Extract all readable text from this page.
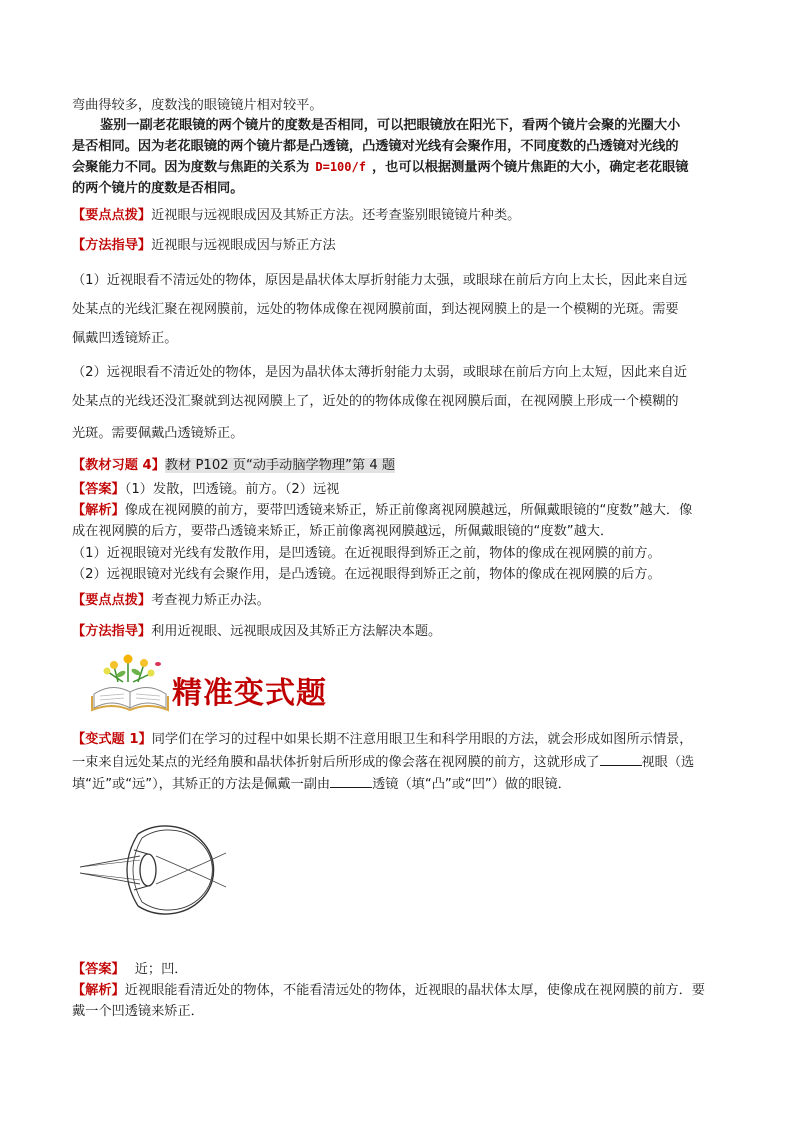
弯曲得较多，度数浅的眼镜镜片相对较平。
鉴别一副老花眼镜的两个镜片的度数是否相同，可以把眼镜放在阳光下，看两个镜片会聚的光圈大小
是否相同。因为老花眼镜的两个镜片都是凸透镜，凸透镜对光线有会聚作用，不同度数的凸透镜对光线的
会聚能力不同。因为度数与焦距的关系为 D=100/f ，也可以根据测量两个镜片焦距的大小，确定老花眼镜
的两个镜片的度数是否相同。
【要点点拨】近视眼与远视眼成因及其矫正方法。还考查鉴别眼镜镜片种类。
【方法指导】近视眼与远视眼成因与矫正方法
（1）近视眼看不清远处的物体，原因是晶状体太厚折射能力太强，或眼球在前后方向上太长，因此来自远
处某点的光线汇聚在视网膜前，远处的物体成像在视网膜前面，到达视网膜上的是一个模糊的光斑。需要
佩戴凹透镜矫正。
（2）远视眼看不清近处的物体，是因为晶状体太薄折射能力太弱，或眼球在前后方向上太短，因此来自近
处某点的光线还没汇聚就到达视网膜上了，近处的的物体成像在视网膜后面，在视网膜上形成一个模糊的
光斑。需要佩戴凸透镜矫正。
【教材习题 4】教材 P102 页“动手动脑学物理”第 4 题
【答案】（1）发散，凹透镜。前方。（2）远视
【解析】像成在视网膜的前方，要带凹透镜来矫正，矫正前像离视网膜越远，所佩戴眼镜的“度数”越大．像
成在视网膜的后方，要带凸透镜来矫正，矫正前像离视网膜越远，所佩戴眼镜的“度数”越大．
（1）近视眼镜对光线有发散作用，是凹透镜。在近视眼得到矫正之前，物体的像成在视网膜的前方。
（2）远视眼镜对光线有会聚作用，是凸透镜。在远视眼得到矫正之前，物体的像成在视网膜的后方。
【要点点拨】考查视力矫正办法。
【方法指导】利用近视眼、远视眼成因及其矫正方法解决本题。
精准变式题
【变式题 1】同学们在学习的过程中如果长期不注意用眼卫生和科学用眼的方法，就会形成如图所示情景，
一束来自远处某点的光经角膜和晶状体折射后所形成的像会落在视网膜的前方，这就形成了	视眼（选
填“近”或“远”），其矫正的方法是佩戴一副由	透镜（填“凸”或“凹”）做的眼镜．
【答案】 近；凹．
【解析】近视眼能看清近处的物体，不能看清远处的物体，近视眼的晶状体太厚，使像成在视网膜的前方．要
戴一个凹透镜来矫正．
